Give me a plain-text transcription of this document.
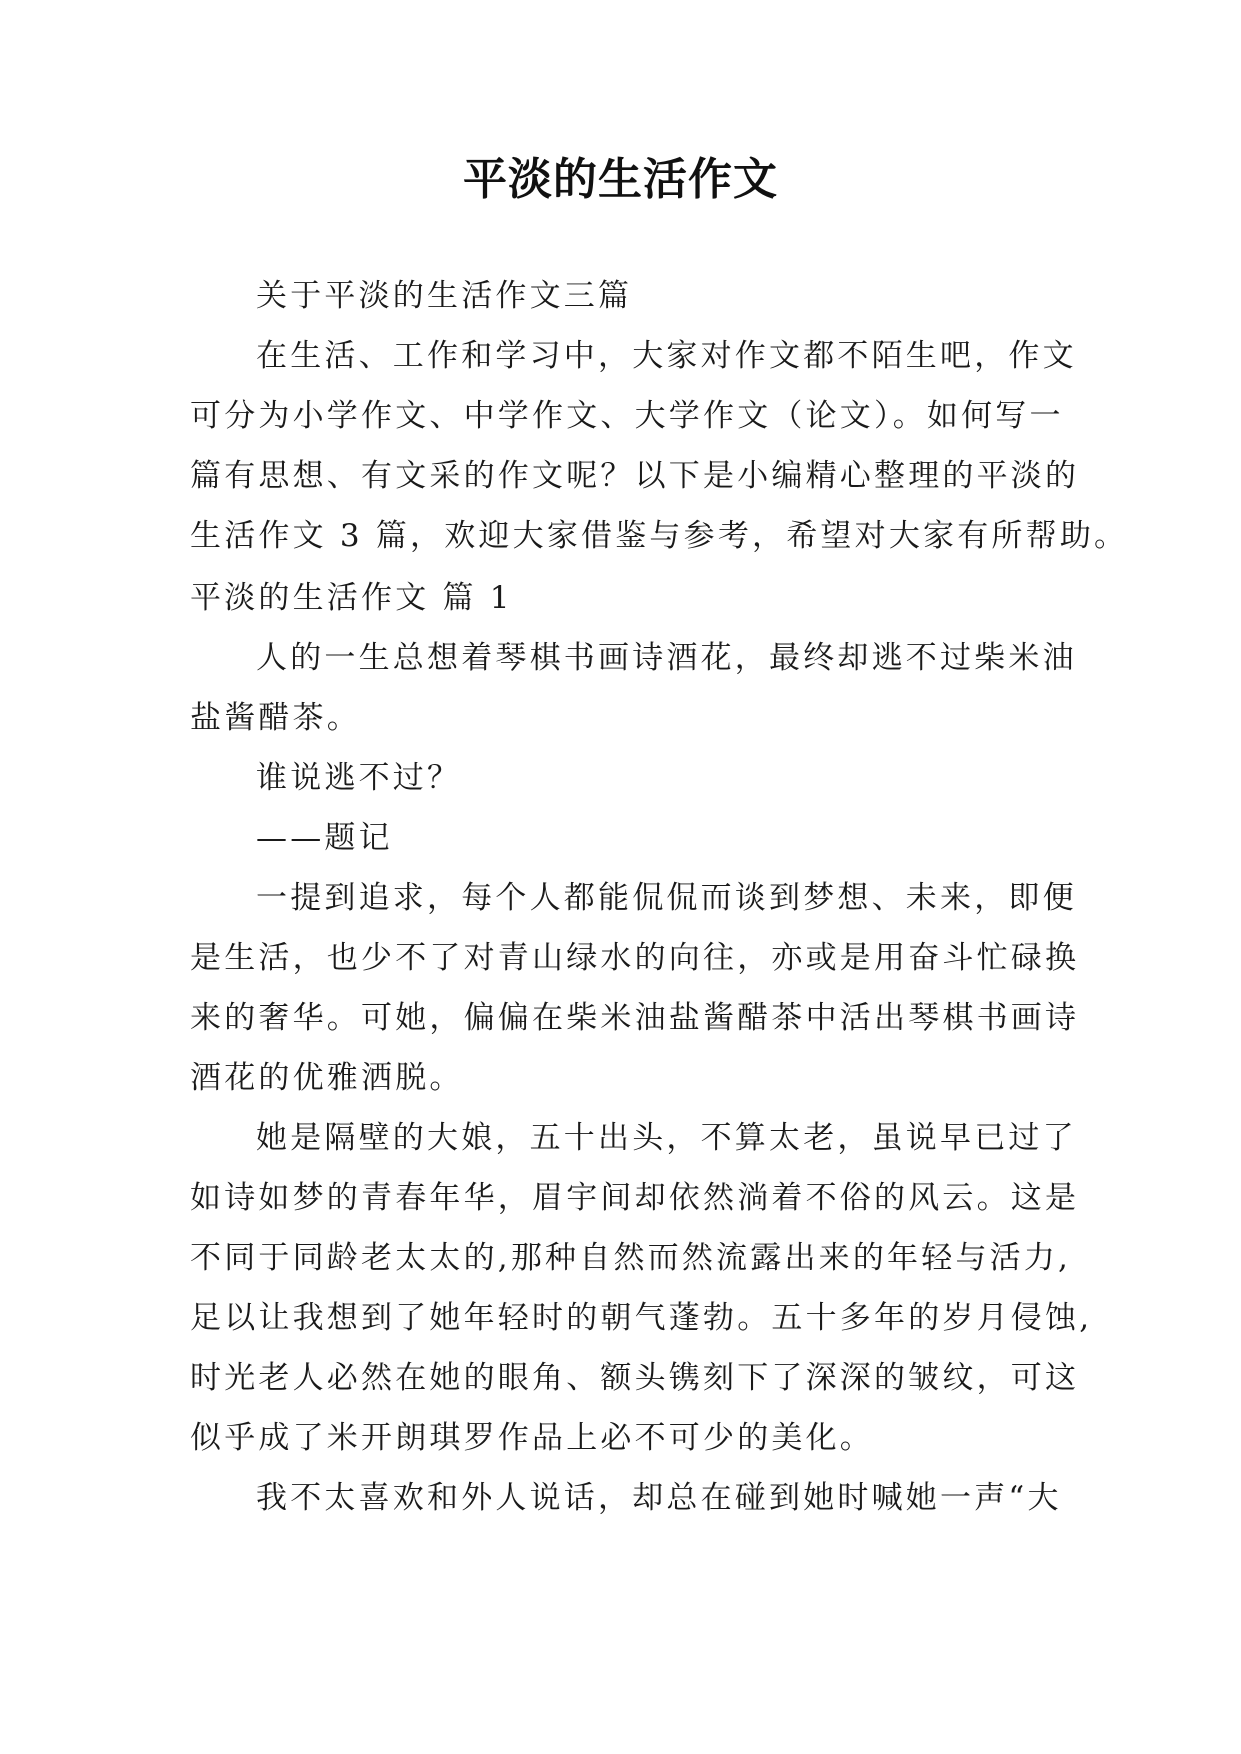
平淡的生活作文
关于平淡的生活作文三篇
在生活、工作和学习中，大家对作文都不陌生吧，作文
可分为小学作文、中学作文、大学作文（论文）。如何写一
篇有思想、有文采的作文呢？以下是小编精心整理的平淡的
生活作文 3 篇，欢迎大家借鉴与参考，希望对大家有所帮助。
平淡的生活作文 篇 1
人的一生总想着琴棋书画诗酒花，最终却逃不过柴米油
盐酱醋茶。
谁说逃不过？
——题记
一提到追求，每个人都能侃侃而谈到梦想、未来，即便
是生活，也少不了对青山绿水的向往，亦或是用奋斗忙碌换
来的奢华。可她，偏偏在柴米油盐酱醋茶中活出琴棋书画诗
酒花的优雅洒脱。
她是隔壁的大娘，五十出头，不算太老，虽说早已过了
如诗如梦的青春年华，眉宇间却依然淌着不俗的风云。这是
不同于同龄老太太的,那种自然而然流露出来的年轻与活力,
足以让我想到了她年轻时的朝气蓬勃。五十多年的岁月侵蚀,
时光老人必然在她的眼角、额头镌刻下了深深的皱纹，可这
似乎成了米开朗琪罗作品上必不可少的美化。
我不太喜欢和外人说话，却总在碰到她时喊她一声“大
